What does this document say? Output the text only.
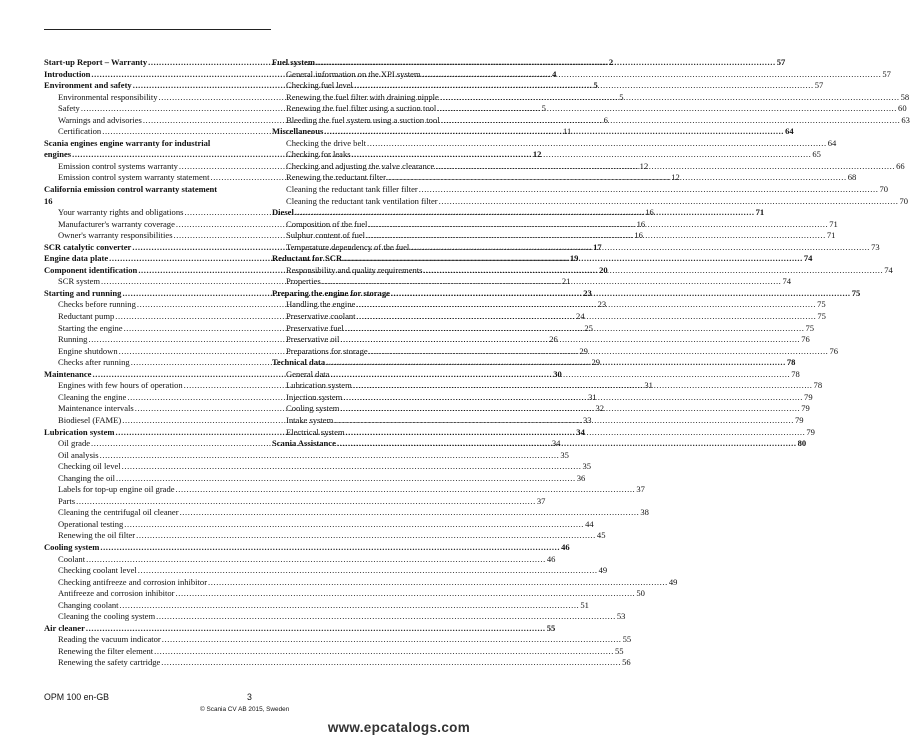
Start-up Report – Warranty .....	2
Introduction .....	4
Environment and safety .....	5
Environmental responsibility .....	5
Safety .....	5
Warnings and advisories .....	6
Certification .....	11
Scania engines engine warranty for industrial
engines .....	12
Emission control systems warranty .....	12
Emission control system warranty statement .....	12
California emission control warranty statement
16
Your warranty rights and obligations .....	16
Manufacturer's warranty coverage .....	16
Owner's warranty responsibilities .....	16
SCR catalytic converter .....	17
Engine data plate .....	19
Component identification .....	20
SCR system .....	21
Starting and running .....	23
Checks before running .....	23
Reductant pump .....	24
Starting the engine .....	25
Running .....	26
Engine shutdown .....	29
Checks after running .....	29
Maintenance .....	30
Engines with few hours of operation .....	31
Cleaning the engine .....	31
Maintenance intervals .....	32
Biodiesel (FAME) .....	33
Lubrication system .....	34
Oil grade .....	34
Oil analysis .....	35
Checking oil level .....	35
Changing the oil .....	36
Labels for top-up engine oil grade .....	37
Parts .....	37
Cleaning the centrifugal oil cleaner .....	38
Operational testing .....	44
Renewing the oil filter .....	45
Cooling system .....	46
Coolant .....	46
Checking coolant level .....	49
Checking antifreeze and corrosion inhibitor .....	49
Antifreeze and corrosion inhibitor .....	50
Changing coolant .....	51
Cleaning the cooling system .....	53
Air cleaner .....	55
Reading the vacuum indicator .....	55
Renewing the filter element .....	55
Renewing the safety cartridge .....	56
Fuel system .....	57
General information on the XPI system .....	57
Checking fuel level .....	57
Renewing the fuel filter with draining nipple .....	58
Renewing the fuel filter using a suction tool .....	60
Bleeding the fuel system using a suction tool .....	63
Miscellaneous .....	64
Checking the drive belt .....	64
Checking for leaks .....	65
Checking and adjusting the valve clearance .....	66
Renewing the reductant filter .....	68
Cleaning the reductant tank filler filter .....	70
Cleaning the reductant tank ventilation filter .....	70
Diesel .....	71
Composition of the fuel .....	71
Sulphur content of fuel .....	71
Temperature dependency of the fuel .....	73
Reductant for SCR .....	74
Responsibility and quality requirements .....	74
Properties .....	74
Preparing the engine for storage .....	75
Handling the engine .....	75
Preservative coolant .....	75
Preservative fuel .....	75
Preservative oil .....	76
Preparations for storage .....	76
Technical data .....	78
General data .....	78
Lubrication system .....	78
Injection system .....	79
Cooling system .....	79
Intake system .....	79
Electrical system .....	79
Scania Assistance .....	80
OPM 100 en-GB	3
© Scania CV AB 2015, Sweden
www.epcatalogs.com
